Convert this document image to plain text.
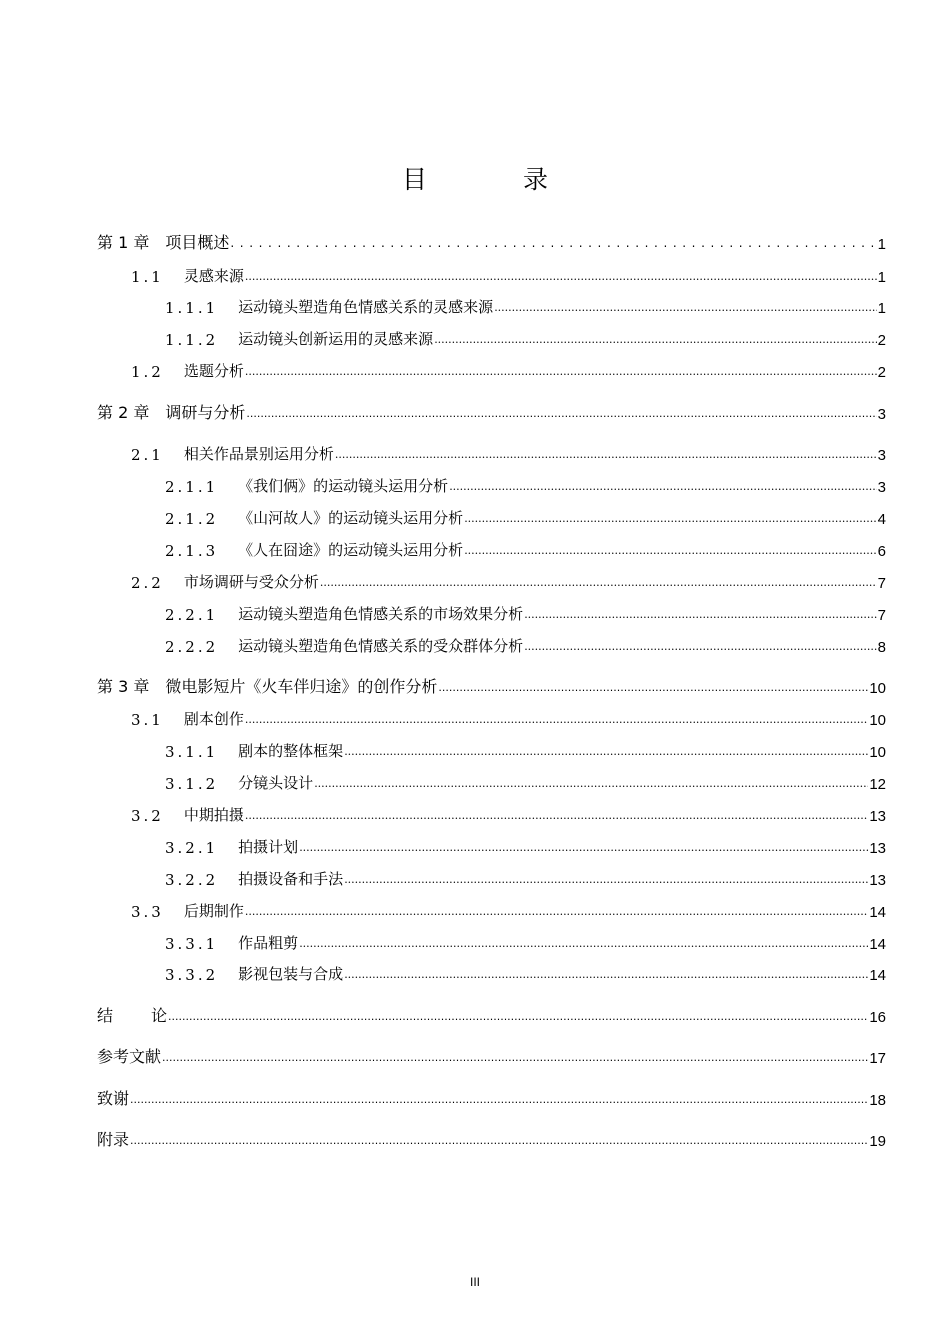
目 录
第 1 章 项目概述 .....	1
1.1 灵感来源 .....	1
1.1.1 运动镜头塑造角色情感关系的灵感来源 .....	1
1.1.2 运动镜头创新运用的灵感来源 .....	2
1.2 选题分析 .....	2
第 2 章 调研与分析 .....	3
2.1 相关作品景别运用分析 .....	3
2.1.1 《我们俩》的运动镜头运用分析 .....	3
2.1.2 《山河故人》的运动镜头运用分析 .....	4
2.1.3 《人在囧途》的运动镜头运用分析 .....	6
2.2 市场调研与受众分析 .....	7
2.2.1 运动镜头塑造角色情感关系的市场效果分析 .....	7
2.2.2 运动镜头塑造角色情感关系的受众群体分析 .....	8
第 3 章 微电影短片《火车伴归途》的创作分析 .....	10
3.1 剧本创作 .....	10
3.1.1 剧本的整体框架 .....	10
3.1.2 分镜头设计 .....	12
3.2 中期拍摄 .....	13
3.2.1 拍摄计划 .....	13
3.2.2 拍摄设备和手法 .....	13
3.3 后期制作 .....	14
3.3.1 作品粗剪 .....	14
3.3.2 影视包装与合成 .....	14
结论 .....	16
参考文献 .....	17
致谢 .....	18
附录 .....	19
III
